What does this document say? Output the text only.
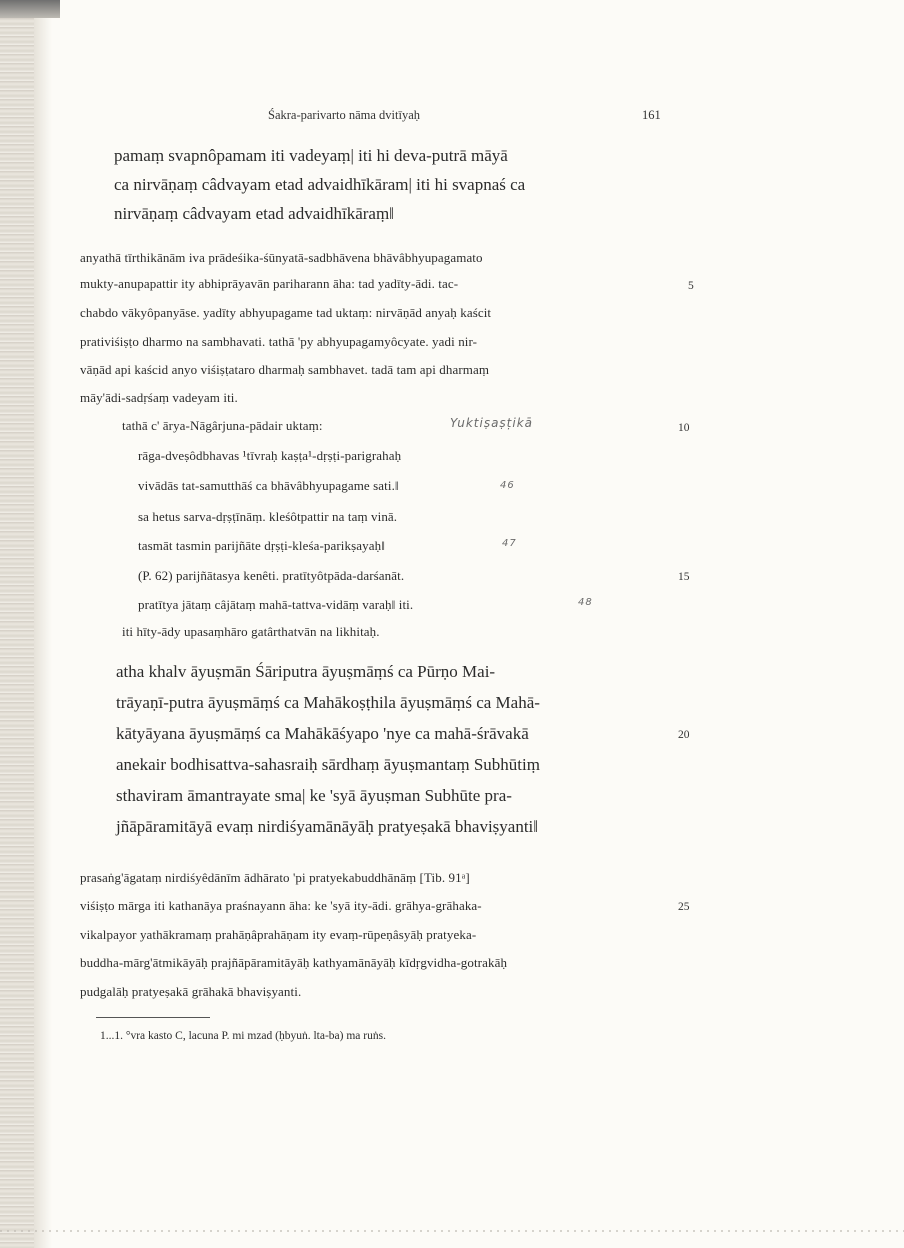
Śakra-parivarto nāma dvitīyaḥ	161
pamaṃ svapnôpamam iti vadeyaṃ| iti hi deva-putrā māyā
ca nirvāṇaṃ câdvayam etad advaidhīkāram| iti hi svapnaś ca
nirvāṇaṃ câdvayam etad advaidhīkāraṃ‖
anyathā tīrthikānām iva prādeśika-śūnyatā-sadbhāvena bhāvâbhyupagamato
mukty-anupapattir ity abhiprāyavān pariharann āha: tad yadīty-ādi. tac-
chabdo vākyôpanyāse. yadīty abhyupagame tad uktaṃ: nirvāṇād anyaḥ kaścit
prativiśiṣṭo dharmo na sambhavati. tathā 'py abhyupagamyôcyate. yadi nir-
vāṇād api kaścid anyo viśiṣṭataro dharmaḥ sambhavet. tadā tam api dharmaṃ
māy'ādi-sadṛśaṃ vadeyam iti.
tathā c' ārya-Nāgârjuna-pādair uktaṃ:
rāga-dveṣôdbhavas ¹tīvraḥ kaṣṭa¹-dṛṣṭi-parigrahaḥ
vivādās tat-samutthāś ca bhāvâbhyupagame sati.‖
sa hetus sarva-dṛṣṭīnāṃ. kleśôtpattir na taṃ vinā.
tasmāt tasmin parijñāte dṛṣṭi-kleśa-parikṣayaḥ‖
(P. 62) parijñātasya kenêti. pratītyôtpāda-darśanāt.
pratītya jātaṃ câjātaṃ mahā-tattva-vidāṃ varaḥ‖ iti.
iti hīty-ādy upasaṃhāro gatârthatvān na likhitaḥ.
Yuktiṣaṣṭikā
46
47
48
atha khalv āyuṣmān Śāriputra āyuṣmāṃś ca Pūrṇo Mai-
trāyaṇī-putra āyuṣmāṃś ca Mahākoṣṭhila āyuṣmāṃś ca Mahā-
kātyāyana āyuṣmāṃś ca Mahākāśyapo 'nye ca mahā-śrāvakā
anekair bodhisattva-sahasraiḥ sārdhaṃ āyuṣmantaṃ Subhūtiṃ
sthaviram āmantrayate sma| ke 'syā āyuṣman Subhūte pra-
jñāpāramitāyā evaṃ nirdiśyamānāyāḥ pratyeṣakā bhaviṣyanti‖
prasaṅg'āgataṃ nirdiśyêdānīm ādhārato 'pi pratyekabuddhānāṃ [Tib. 91ᵃ]
viśiṣṭo mārga iti kathanāya praśnayann āha: ke 'syā ity-ādi. grāhya-grāhaka-
vikalpayor yathākramaṃ prahāṇâprahāṇam ity evaṃ-rūpeṇâsyāḥ pratyeka-
buddha-mārg'ātmikāyāḥ prajñāpāramitāyāḥ kathyamānāyāḥ kīdṛgvidha-gotrakāḥ
pudgalāḥ pratyeṣakā grāhakā bhaviṣyanti.
5
10
15
20
25
1...1. °vra kasto C, lacuna P. mi mzad (ḥbyuṅ. lta-ba) ma ruṅs.
